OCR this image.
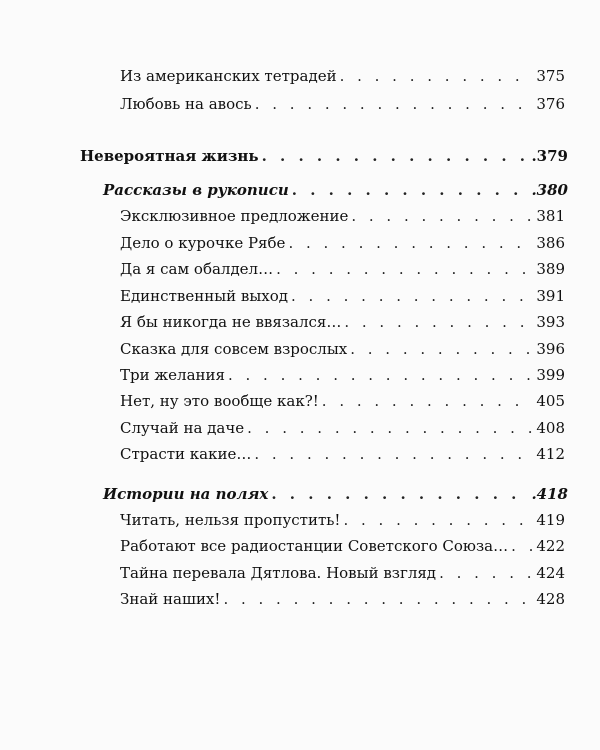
Из американских тетрадей . . .	375
Любовь на авось . . .	376
Невероятная жизнь . . .	.379
Рассказы в рукописи . . .	.380
Эксклюзивное предложение . . .	381
Дело о курочке Рябе . . .	386
Да я сам обалдел… . . .	389
Единственный выход . . .	391
Я бы никогда не ввязался… . . .	393
Сказка для совсем взрослых . . .	396
Три желания . . .	399
Нет, ну это вообще как?! . . .	405
Случай на даче . . .	408
Страсти какие… . . .	412
Истории на полях . . .	.418
Читать, нельзя пропустить! . . .	419
Работают все радиостанции Советского Союза… . . . 422
Тайна перевала Дятлова. Новый взгляд . . .	424
Знай наших! . . .	428
